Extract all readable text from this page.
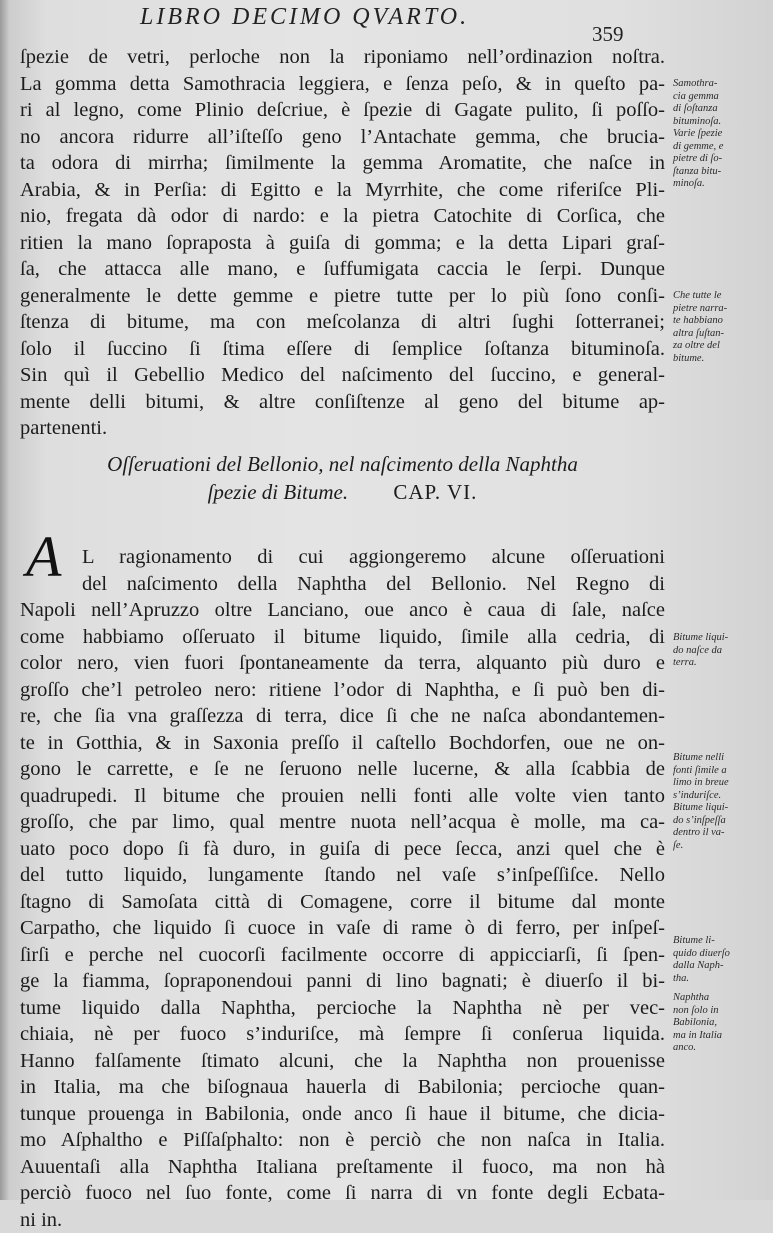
LIBRO DECIMO QVARTO.
359
ſpezie de vetri, perloche non la riponiamo nell’ordinazion noſtra.
La gomma detta Samothracia leggiera, e ſenza peſo, & in queſto pa-
ri al legno, come Plinio deſcriue, è ſpezie di Gagate pulito, ſi poſſo-
no ancora ridurre all’iſteſſo geno l’Antachate gemma, che brucia-
ta odora di mirrha; ſimilmente la gemma Aromatite, che naſce in
Arabia, & in Perſia: di Egitto e la Myrrhite, che come riferiſce Pli-
nio, fregata dà odor di nardo: e la pietra Catochite di Corſica, che
ritien la mano ſopraposta à guiſa di gomma; e la detta Lipari graſ-
ſa, che attacca alle mano, e ſuffumigata caccia le ſerpi. Dunque
generalmente le dette gemme e pietre tutte per lo più ſono conſi-
ſtenza di bitume, ma con meſcolanza di altri ſughi ſotterranei;
ſolo il ſuccino ſi ſtima eſſere di ſemplice ſoſtanza bituminoſa.
Sin quì il Gebellio Medico del naſcimento del ſuccino, e general-
mente delli bitumi, & altre conſiſtenze al geno del bitume ap-
partenenti.
Oſſeruationi del Bellonio, nel naſcimento della Naphtha
ſpezie di Bitume. CAP. VI.
A	L ragionamento di cui aggiongeremo alcune oſſeruationi
del naſcimento della Naphtha del Bellonio. Nel Regno di
Napoli nell’Apruzzo oltre Lanciano, oue anco è caua di ſale, naſce
come habbiamo oſſeruato il bitume liquido, ſimile alla cedria, di
color nero, vien fuori ſpontaneamente da terra, alquanto più duro e
groſſo che’l petroleo nero: ritiene l’odor di Naphtha, e ſi può ben di-
re, che ſia vna graſſezza di terra, dice ſi che ne naſca abondantemen-
te in Gotthia, & in Saxonia preſſo il caſtello Bochdorfen, oue ne on-
gono le carrette, e ſe ne ſeruono nelle lucerne, & alla ſcabbia de
quadrupedi. Il bitume che prouien nelli fonti alle volte vien tanto
groſſo, che par limo, qual mentre nuota nell’acqua è molle, ma ca-
uato poco dopo ſi fà duro, in guiſa di pece ſecca, anzi quel che è
del tutto liquido, lungamente ſtando nel vaſe s’inſpeſſiſce. Nello
ſtagno di Samoſata città di Comagene, corre il bitume dal monte
Carpatho, che liquido ſi cuoce in vaſe di rame ò di ferro, per inſpeſ-
ſirſi e perche nel cuocorſi facilmente occorre di appicciarſi, ſi ſpen-
ge la fiamma, ſopraponendoui panni di lino bagnati; è diuerſo il bi-
tume liquido dalla Naphtha, percioche la Naphtha nè per vec-
chiaia, nè per fuoco s’induriſce, mà ſempre ſi conſerua liquida.
Hanno falſamente ſtimato alcuni, che la Naphtha non prouenisse
in Italia, ma che biſognaua hauerla di Babilonia; percioche quan-
tunque prouenga in Babilonia, onde anco ſi haue il bitume, che dicia-
mo Aſphaltho e Piſſaſphalto: non è perciò che non naſca in Italia.
Auuentaſi alla Naphtha Italiana preſtamente il fuoco, ma non hà
perciò fuoco nel ſuo fonte, come ſi narra di vn fonte degli Ecbata-
ni in.
Samothra-
cia gemma
di ſoſtanza
bituminoſa.
Varie ſpezie
di gemme, e
pietre di ſo-
ſtanza bitu-
minoſa.
Che tutte le
pietre narra-
te habbiano
altra ſuſtan-
za oltre del
bitume.
Bitume liqui-
do naſce da
terra.
Bitume nelli
fonti ſimile a
limo in breue
s’induriſce.
Bitume liqui-
do s’inſpeſſa
dentro il va-
ſe.
Bitume li-
quido diuerſo
dalla Naph-
tha.
Naphtha
non ſolo in
Babilonia,
ma in Italia
anco.
